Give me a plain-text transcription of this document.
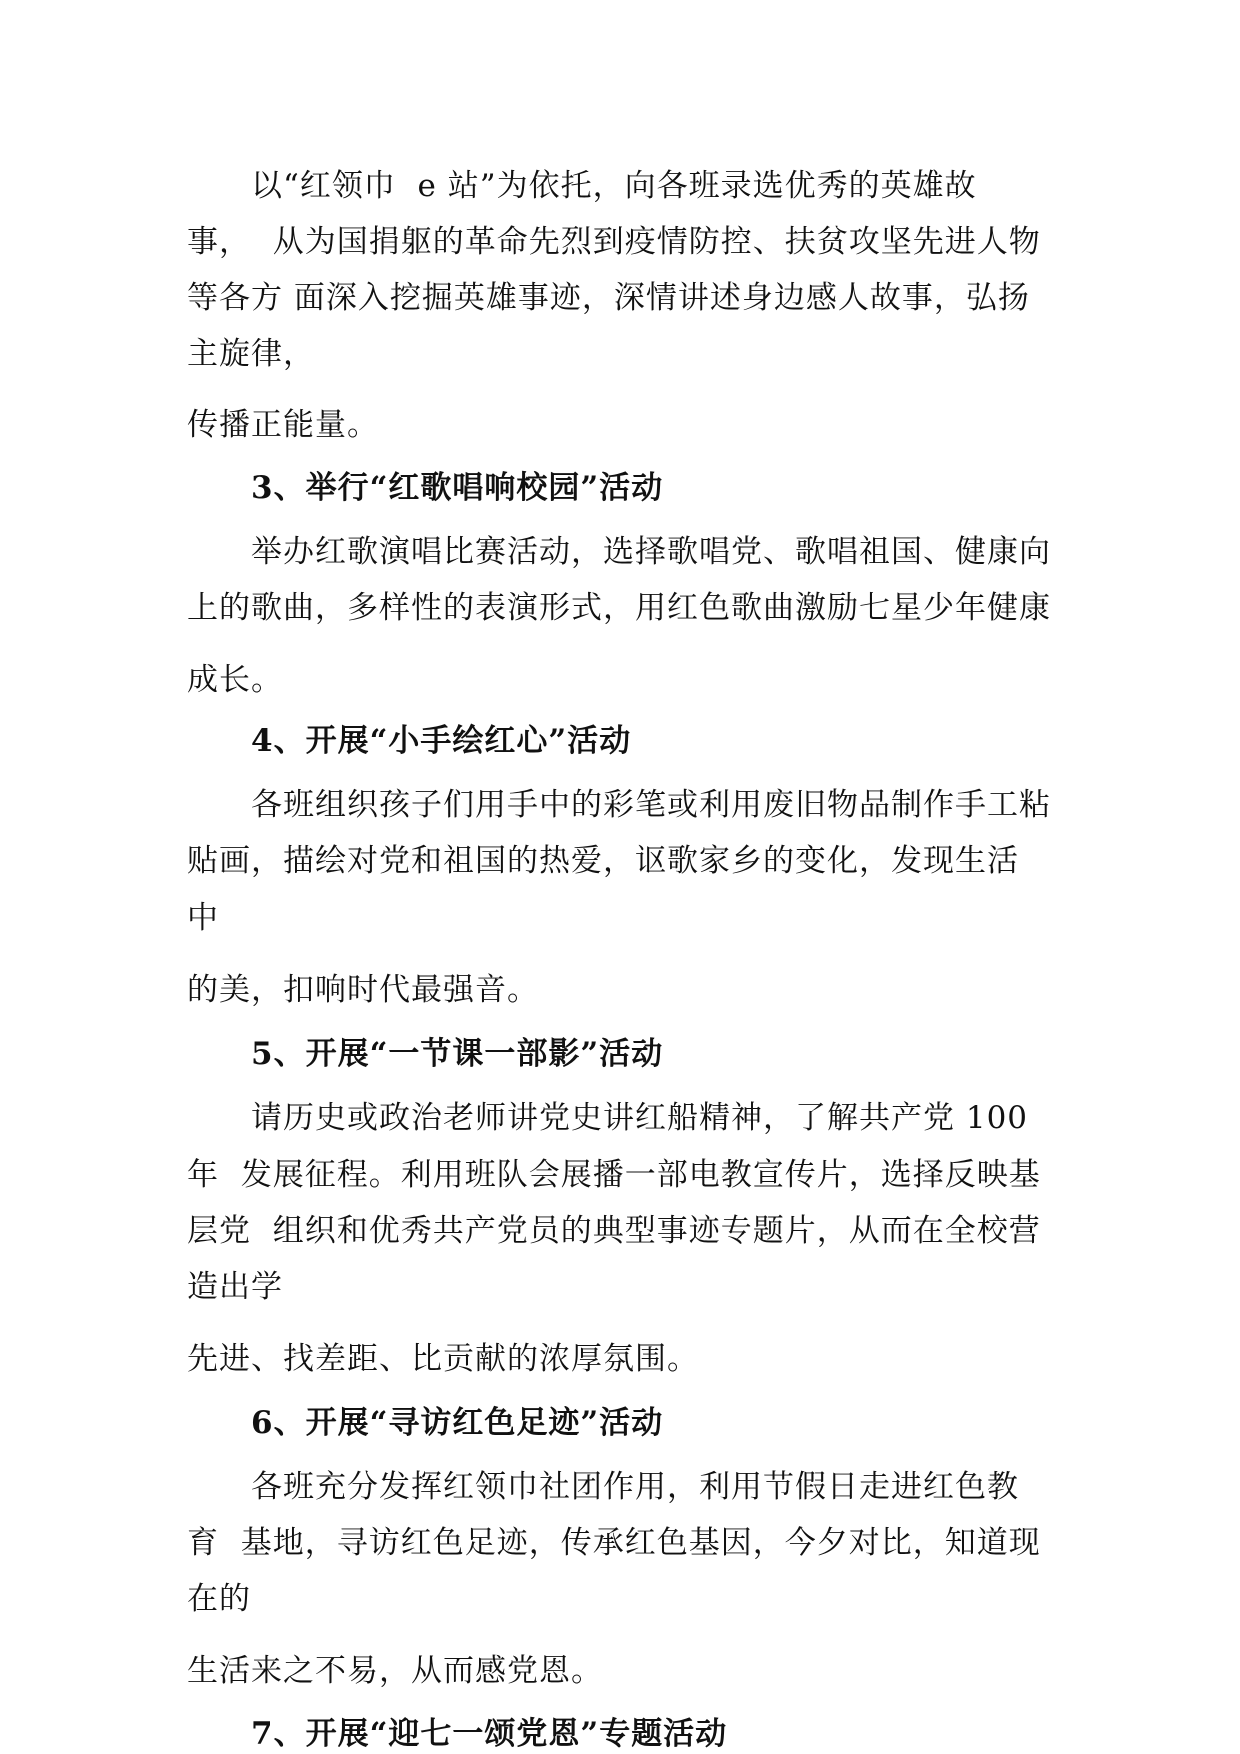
以“红领巾  e 站”为依托，向各班录选优秀的英雄故
事，  从为国捐躯的革命先烈到疫情防控、扶贫攻坚先进人物
等各方 面深入挖掘英雄事迹，深情讲述身边感人故事，弘扬
主旋律，
传播正能量。
3、举行“红歌唱响校园”活动
举办红歌演唱比赛活动，选择歌唱党、歌唱祖国、健康向
上的歌曲，多样性的表演形式，用红色歌曲激励七星少年健康
成长。
4、开展“小手绘红心”活动
各班组织孩子们用手中的彩笔或利用废旧物品制作手工粘
贴画，描绘对党和祖国的热爱，讴歌家乡的变化，发现生活
中
的美，扣响时代最强音。
5、开展“一节课一部影”活动
请历史或政治老师讲党史讲红船精神，了解共产党 100
年  发展征程。利用班队会展播一部电教宣传片，选择反映基
层党  组织和优秀共产党员的典型事迹专题片，从而在全校营
造出学
先进、找差距、比贡献的浓厚氛围。
6、开展“寻访红色足迹”活动
各班充分发挥红领巾社团作用，利用节假日走进红色教
育  基地，寻访红色足迹，传承红色基因，今夕对比，知道现
在的
生活来之不易，从而感党恩。
7、开展“迎七一颂党恩”专题活动
